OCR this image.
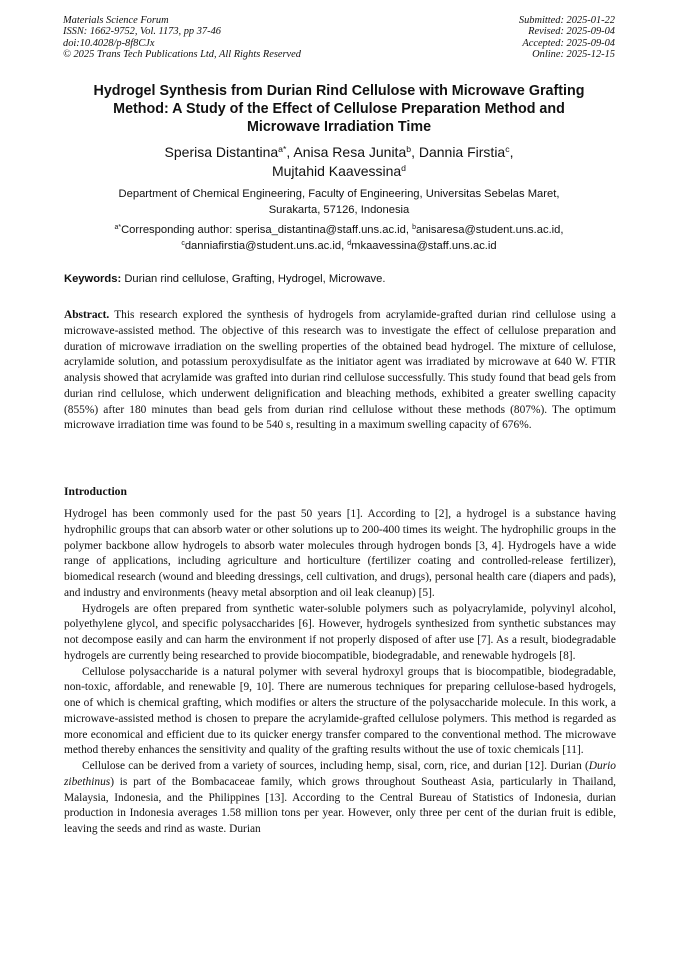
Materials Science Forum
ISSN: 1662-9752, Vol. 1173, pp 37-46
doi:10.4028/p-8f8CJx
© 2025 Trans Tech Publications Ltd, All Rights Reserved
Submitted: 2025-01-22
Revised: 2025-09-04
Accepted: 2025-09-04
Online: 2025-12-15
Hydrogel Synthesis from Durian Rind Cellulose with Microwave Grafting
Method: A Study of the Effect of Cellulose Preparation Method and
Microwave Irradiation Time
Sperisa Distantina$^{a*}$, Anisa Resa Junita$^b$, Dannia Firstia$^c$,
Mujtahid Kaavessina$^d$
Department of Chemical Engineering, Faculty of Engineering, Universitas Sebelas Maret,
Surakarta, 57126, Indonesia
$^{a*}$Corresponding author: sperisa_distantina@staff.uns.ac.id, $^b$anisaresa@student.uns.ac.id,
$^c$danniafirstia@student.uns.ac.id, $^d$mkaavessina@staff.uns.ac.id
Keywords: Durian rind cellulose, Grafting, Hydrogel, Microwave.

Abstract. This research explored the synthesis of hydrogels from acrylamide-grafted durian rind cellulose using a microwave-assisted method. The objective of this research was to investigate the effect of cellulose preparation and duration of microwave irradiation on the swelling properties of the obtained bead hydrogel. The mixture of cellulose, acrylamide solution, and potassium peroxydisulfate as the initiator agent was irradiated by microwave at 640 W. FTIR analysis showed that acrylamide was grafted into durian rind cellulose successfully. This study found that bead gels from durian rind cellulose, which underwent delignification and bleaching methods, exhibited a greater swelling capacity (855%) after 180 minutes than bead gels from durian rind cellulose without these methods (807%). The optimum microwave irradiation time was found to be 540 s, resulting in a maximum swelling capacity of 676%.

Introduction

Hydrogel has been commonly used for the past 50 years [1]. According to [2], a hydrogel is a substance having hydrophilic groups that can absorb water or other solutions up to 200-400 times its weight. The hydrophilic groups in the polymer backbone allow hydrogels to absorb water molecules through hydrogen bonds [3, 4]. Hydrogels have a wide range of applications, including agriculture and horticulture (fertilizer coating and controlled-release fertilizer), biomedical research (wound and bleeding dressings, cell cultivation, and drugs), personal health care (diapers and pads), and industry and environments (heavy metal absorption and oil leak cleanup) [5].

Hydrogels are often prepared from synthetic water-soluble polymers such as polyacrylamide, polyvinyl alcohol, polyethylene glycol, and specific polysaccharides [6]. However, hydrogels synthesized from synthetic substances may not decompose easily and can harm the environment if not properly disposed of after use [7]. As a result, biodegradable hydrogels are currently being researched to provide biocompatible, biodegradable, and renewable hydrogels [8].

Cellulose polysaccharide is a natural polymer with several hydroxyl groups that is biocompatible, biodegradable, non-toxic, affordable, and renewable [9, 10]. There are numerous techniques for preparing cellulose-based hydrogels, one of which is chemical grafting, which modifies or alters the structure of the polysaccharide molecule. In this work, a microwave-assisted method is chosen to prepare the acrylamide-grafted cellulose polymers. This method is regarded as more economical and efficient due to its quicker energy transfer compared to the conventional method. The microwave method thereby enhances the sensitivity and quality of the grafting results without the use of toxic chemicals [11].

Cellulose can be derived from a variety of sources, including hemp, sisal, corn, rice, and durian [12]. Durian (Durio zibethinus) is part of the Bombacaceae family, which grows throughout Southeast Asia, particularly in Thailand, Malaysia, Indonesia, and the Philippines [13]. According to the Central Bureau of Statistics of Indonesia, durian production in Indonesia averages 1.58 million tons per year. However, only three per cent of the durian fruit is edible, leaving the seeds and rind as waste. Durian
